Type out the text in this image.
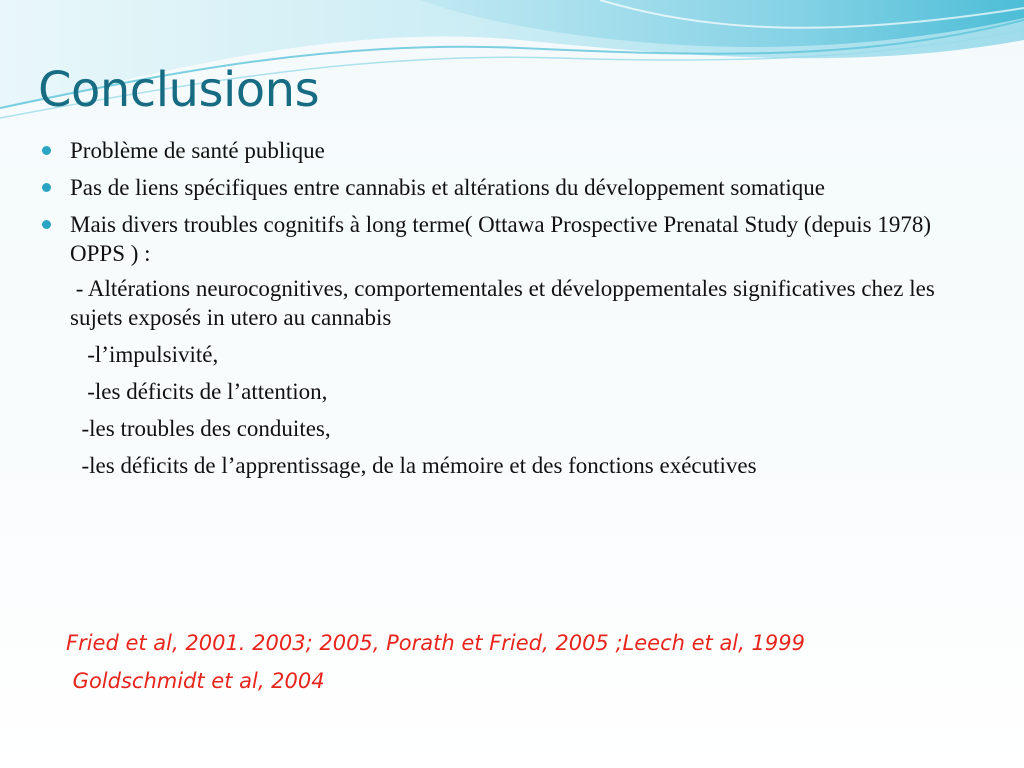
Conclusions
Problème de santé publique
Pas de liens spécifiques entre cannabis et altérations du développement somatique
Mais divers troubles cognitifs à long terme( Ottawa Prospective Prenatal Study (depuis 1978) OPPS ) :
- Altérations neurocognitives, comportementales et développementales significatives chez les sujets exposés in utero au cannabis
-l’impulsivité,
-les déficits de l’attention,
-les troubles des conduites,
-les déficits de l’apprentissage, de la mémoire et des fonctions exécutives
Fried et al, 2001. 2003; 2005, Porath et Fried, 2005 ;Leech et al, 1999
Goldschmidt et al, 2004
